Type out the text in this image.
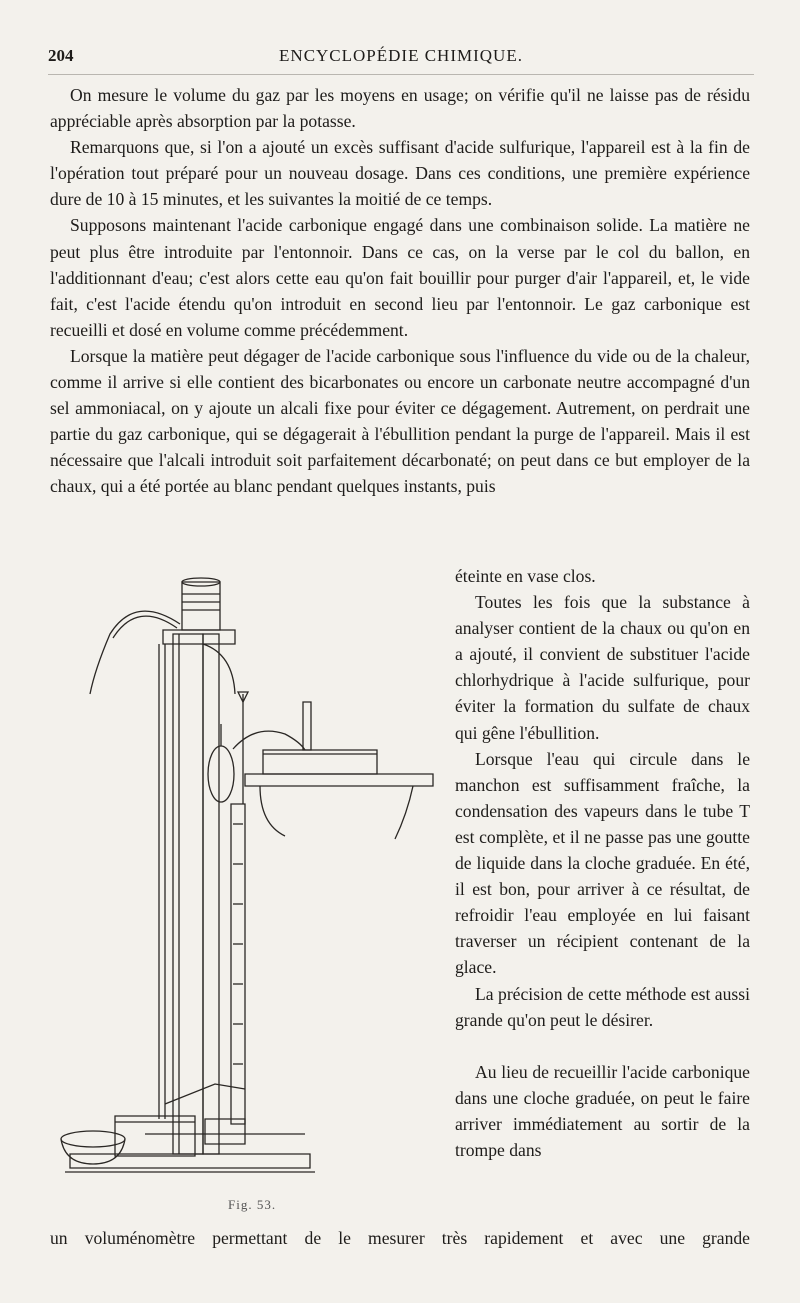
204	ENCYCLOPÉDIE CHIMIQUE.

On mesure le volume du gaz par les moyens en usage; on vérifie qu'il ne laisse pas de résidu appréciable après absorption par la potasse.

Remarquons que, si l'on a ajouté un excès suffisant d'acide sulfurique, l'appareil est à la fin de l'opération tout préparé pour un nouveau dosage. Dans ces conditions, une première expérience dure de 10 à 15 minutes, et les suivantes la moitié de ce temps.

Supposons maintenant l'acide carbonique engagé dans une combinaison solide. La matière ne peut plus être introduite par l'entonnoir. Dans ce cas, on la verse par le col du ballon, en l'additionnant d'eau; c'est alors cette eau qu'on fait bouillir pour purger d'air l'appareil, et, le vide fait, c'est l'acide étendu qu'on introduit en second lieu par l'entonnoir. Le gaz carbonique est recueilli et dosé en volume comme précédemment.

Lorsque la matière peut dégager de l'acide carbonique sous l'influence du vide ou de la chaleur, comme il arrive si elle contient des bicarbonates ou encore un carbonate neutre accompagné d'un sel ammoniacal, on y ajoute un alcali fixe pour éviter ce dégagement. Autrement, on perdrait une partie du gaz carbonique, qui se dégagerait à l'ébullition pendant la purge de l'appareil. Mais il est nécessaire que l'alcali introduit soit parfaitement décarbonaté; on peut dans ce but employer de la chaux, qui a été portée au blanc pendant quelques instants, puis

éteinte en vase clos.

Toutes les fois que la substance à analyser contient de la chaux ou qu'on en a ajouté, il convient de substituer l'acide chlorhydrique à l'acide sulfurique, pour éviter la formation du sulfate de chaux qui gêne l'ébullition.

Lorsque l'eau qui circule dans le manchon est suffisamment fraîche, la condensation des vapeurs dans le tube T est complète, et il ne passe pas une goutte de liquide dans la cloche graduée. En été, il est bon, pour arriver à ce résultat, de refroidir l'eau employée en lui faisant traverser un récipient contenant de la glace.

La précision de cette méthode est aussi grande qu'on peut le désirer.

Au lieu de recueillir l'acide carbonique dans une cloche graduée, on peut le faire arriver immédiatement au sortir de la trompe dans

Fig. 53.
un voluménomètre permettant de le mesurer très rapidement et avec une grande
